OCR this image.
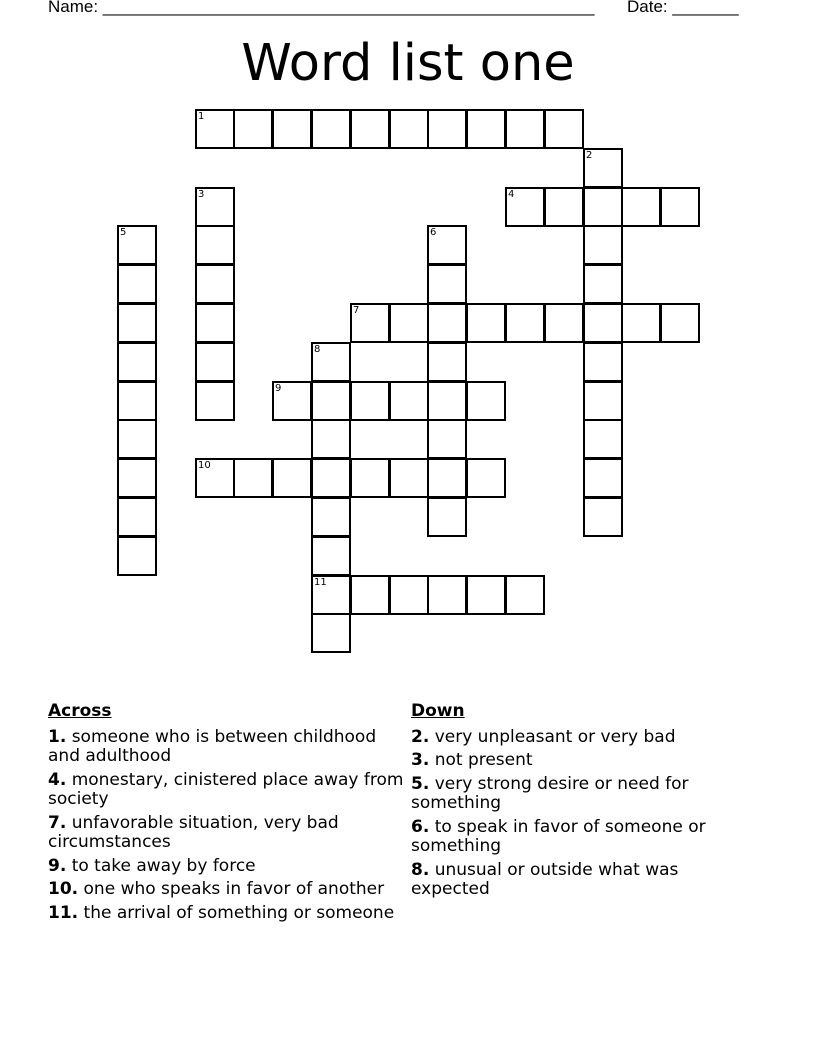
Name: ____________________________________________________ Date: _______
Word list one
1
2
3	4
5	6
7
8
11
9
10
Across
1. someone who is between childhood and adulthood
4. monestary, cinistered place away from society
7. unfavorable situation, very bad circumstances
9. to take away by force
10. one who speaks in favor of another
11. the arrival of something or someone
Down
2. very unpleasant or very bad
3. not present
5. very strong desire or need for something
6. to speak in favor of someone or something
8. unusual or outside what was expected
